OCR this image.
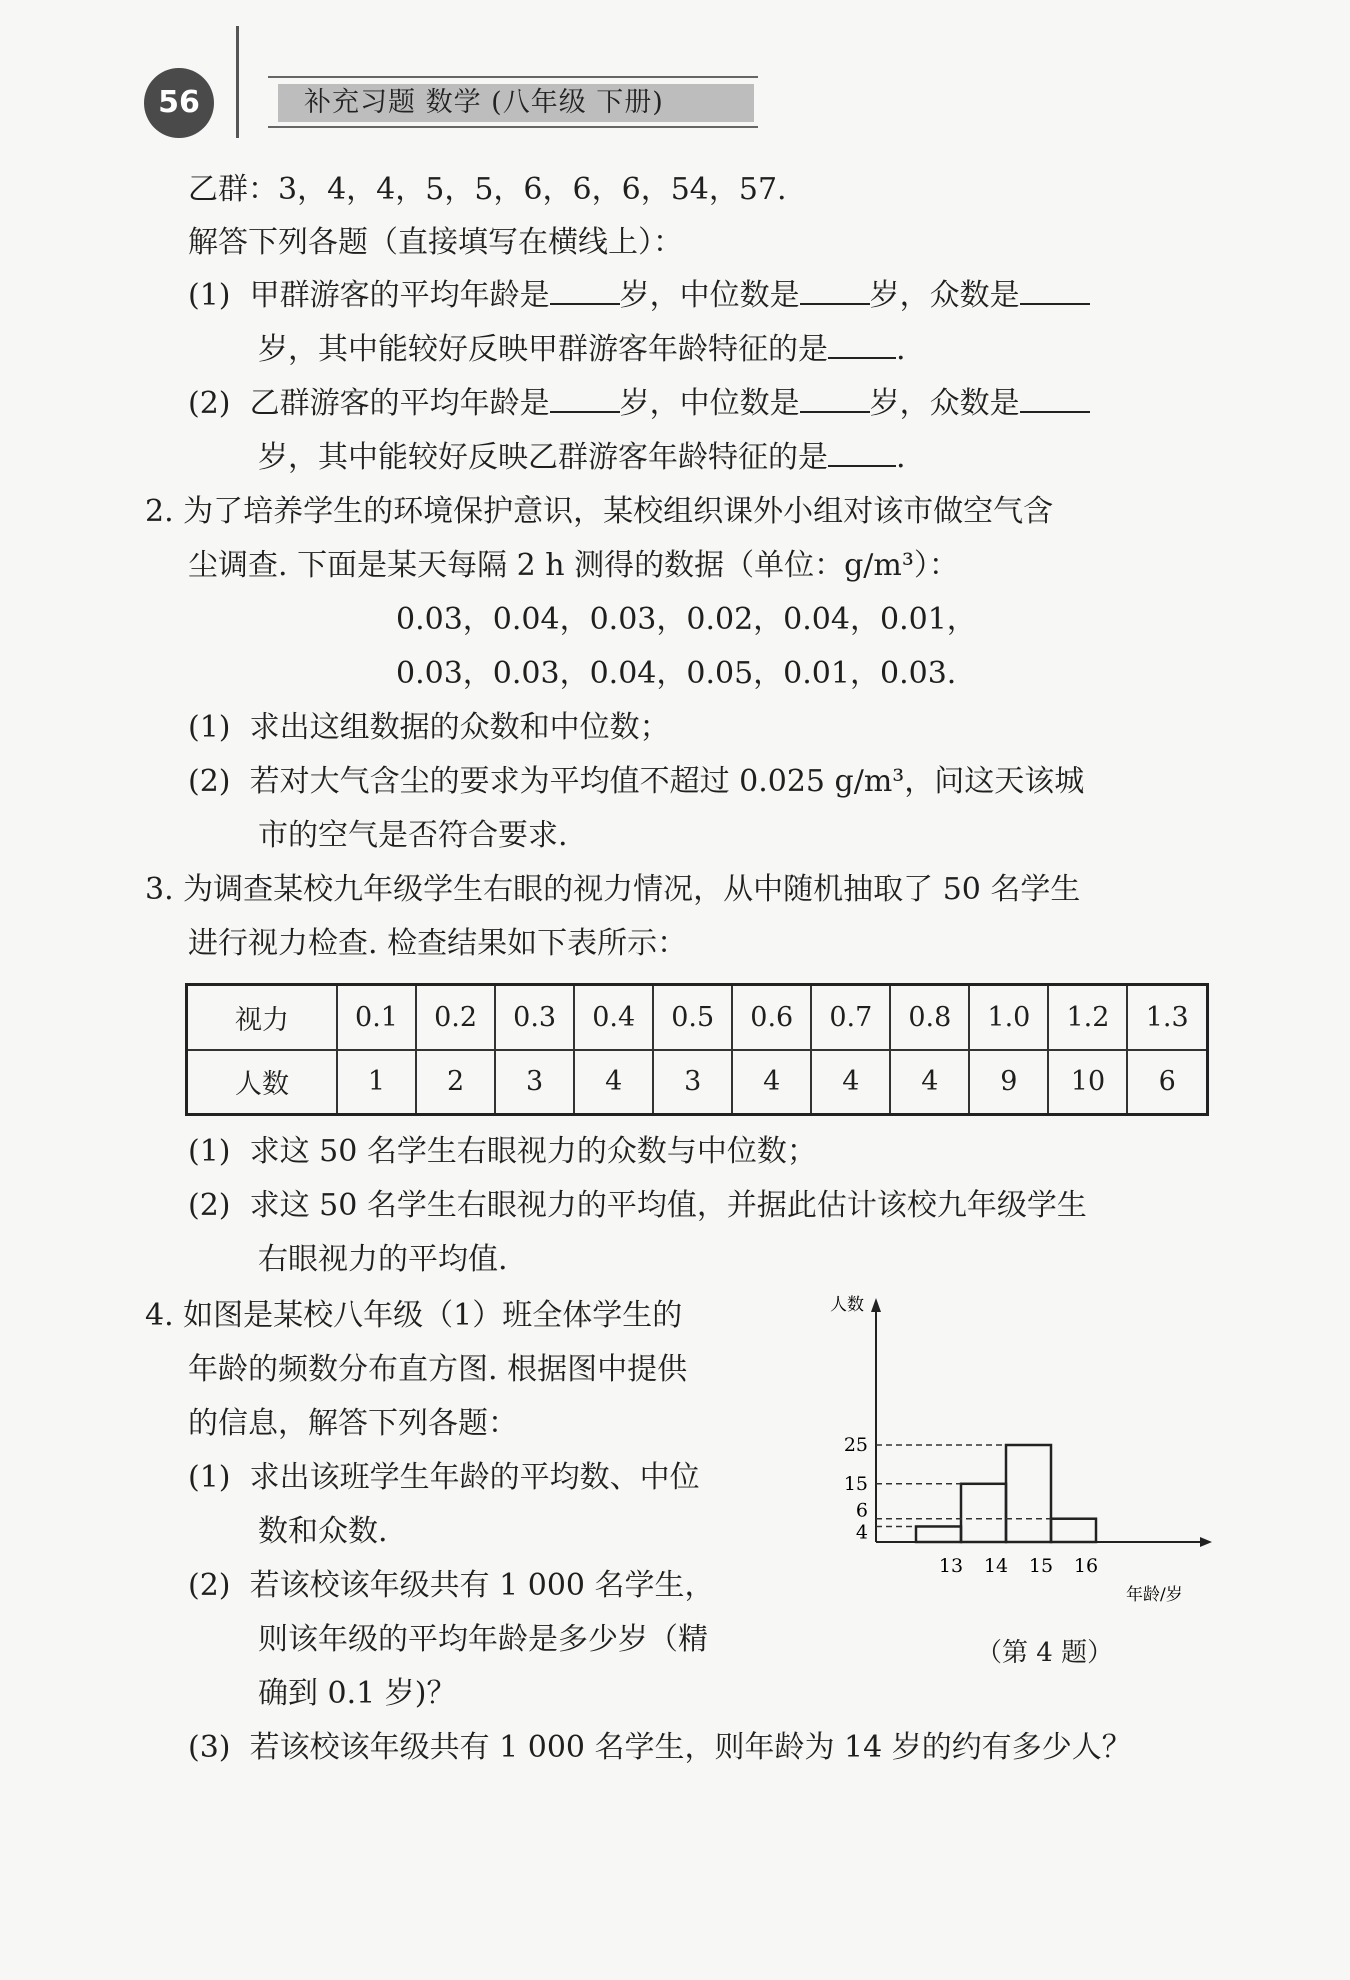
56	补充习题 数学 (八年级 下册)
乙群：3，4，4，5，5，6，6，6，54，57.
解答下列各题（直接填写在横线上）：
(1)  甲群游客的平均年龄是 岁，中位数是 岁，众数是
岁，其中能较好反映甲群游客年龄特征的是 .
(2)  乙群游客的平均年龄是 岁，中位数是 岁，众数是
岁，其中能较好反映乙群游客年龄特征的是 .
2. 为了培养学生的环境保护意识，某校组织课外小组对该市做空气含
尘调查. 下面是某天每隔 2 h 测得的数据（单位：g/m³）：
0.03，0.04，0.03，0.02，0.04，0.01，
0.03，0.03，0.04，0.05，0.01，0.03.
(1)  求出这组数据的众数和中位数；
(2)  若对大气含尘的要求为平均值不超过 0.025 g/m³，问这天该城
市的空气是否符合要求.
3. 为调查某校九年级学生右眼的视力情况，从中随机抽取了 50 名学生
进行视力检查. 检查结果如下表所示：
视力	0.1	0.2	0.3	0.4	0.5	0.6	0.7	0.8	1.0	1.2	1.3
人数	1	2	3	4	3	4	4	4	9	10	6
(1)  求这 50 名学生右眼视力的众数与中位数；
(2)  求这 50 名学生右眼视力的平均值，并据此估计该校九年级学生
右眼视力的平均值.
4. 如图是某校八年级（1）班全体学生的
年龄的频数分布直方图. 根据图中提供
的信息，解答下列各题：
(1)  求出该班学生年龄的平均数、中位
数和众数.
(2)  若该校该年级共有 1 000 名学生，
则该年级的平均年龄是多少岁（精
确到 0.1 岁)？
(3)  若该校该年级共有 1 000 名学生，则年龄为 14 岁的约有多少人？
人数
年龄/岁
13 14 15 16
4
6
15
25
（第 4 题）
